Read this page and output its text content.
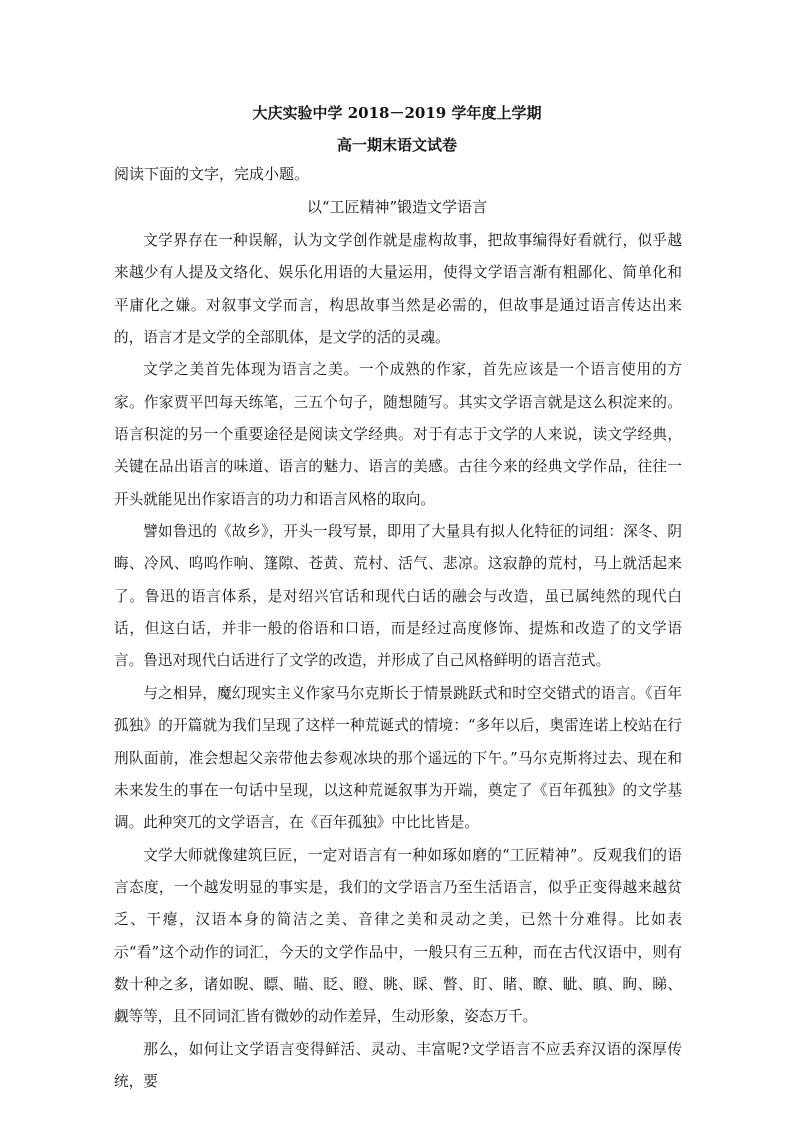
大庆实验中学 2018－2019 学年度上学期
高一期末语文试卷
阅读下面的文字，完成小题。
以“工匠精神”锻造文学语言

文学界存在一种误解，认为文学创作就是虚构故事，把故事编得好看就行，似乎越来越少有人提及文络化、娱乐化用语的大量运用，使得文学语言渐有粗鄙化、简单化和平庸化之嫌。对叙事文学而言，构思故事当然是必需的，但故事是通过语言传达出来的，语言才是文学的全部肌体，是文学的活的灵魂。

文学之美首先体现为语言之美。一个成熟的作家，首先应该是一个语言使用的方家。作家贾平凹每天练笔，三五个句子，随想随写。其实文学语言就是这么积淀来的。语言积淀的另一个重要途径是阅读文学经典。对于有志于文学的人来说，读文学经典，关键在品出语言的味道、语言的魅力、语言的美感。古往今来的经典文学作品，往往一开头就能见出作家语言的功力和语言风格的取向。

譬如鲁迅的《故乡》，开头一段写景，即用了大量具有拟人化特征的词组：深冬、阴晦、冷风、呜呜作响、篷隙、苍黄、荒村、活气、悲凉。这寂静的荒村，马上就活起来了。鲁迅的语言体系，是对绍兴官话和现代白话的融会与改造，虽已属纯然的现代白话，但这白话，并非一般的俗语和口语，而是经过高度修饰、提炼和改造了的文学语言。鲁迅对现代白话进行了文学的改造，并形成了自己风格鲜明的语言范式。

与之相异，魔幻现实主义作家马尔克斯长于情景跳跃式和时空交错式的语言。《百年孤独》的开篇就为我们呈现了这样一种荒诞式的情境：“多年以后，奥雷连诺上校站在行刑队面前，准会想起父亲带他去参观冰块的那个遥远的下午。”马尔克斯将过去、现在和未来发生的事在一句话中呈现，以这种荒诞叙事为开端，奠定了《百年孤独》的文学基调。此种突兀的文学语言，在《百年孤独》中比比皆是。

文学大师就像建筑巨匠，一定对语言有一种如琢如磨的“工匠精神”。反观我们的语言态度，一个越发明显的事实是，我们的文学语言乃至生活语言，似乎正变得越来越贫乏、干瘪，汉语本身的简洁之美、音律之美和灵动之美，已然十分难得。比如表示“看”这个动作的词汇，今天的文学作品中，一般只有三五种，而在古代汉语中，则有数十种之多，诸如睨、瞟、瞄、眨、瞪、眺、睬、瞥、盯、睹、瞭、眦、瞋、眴、睇、觑等等，且不同词汇皆有微妙的动作差异，生动形象，姿态万千。

那么，如何让文学语言变得鲜活、灵动、丰富呢?文学语言不应丢弃汉语的深厚传统，要
